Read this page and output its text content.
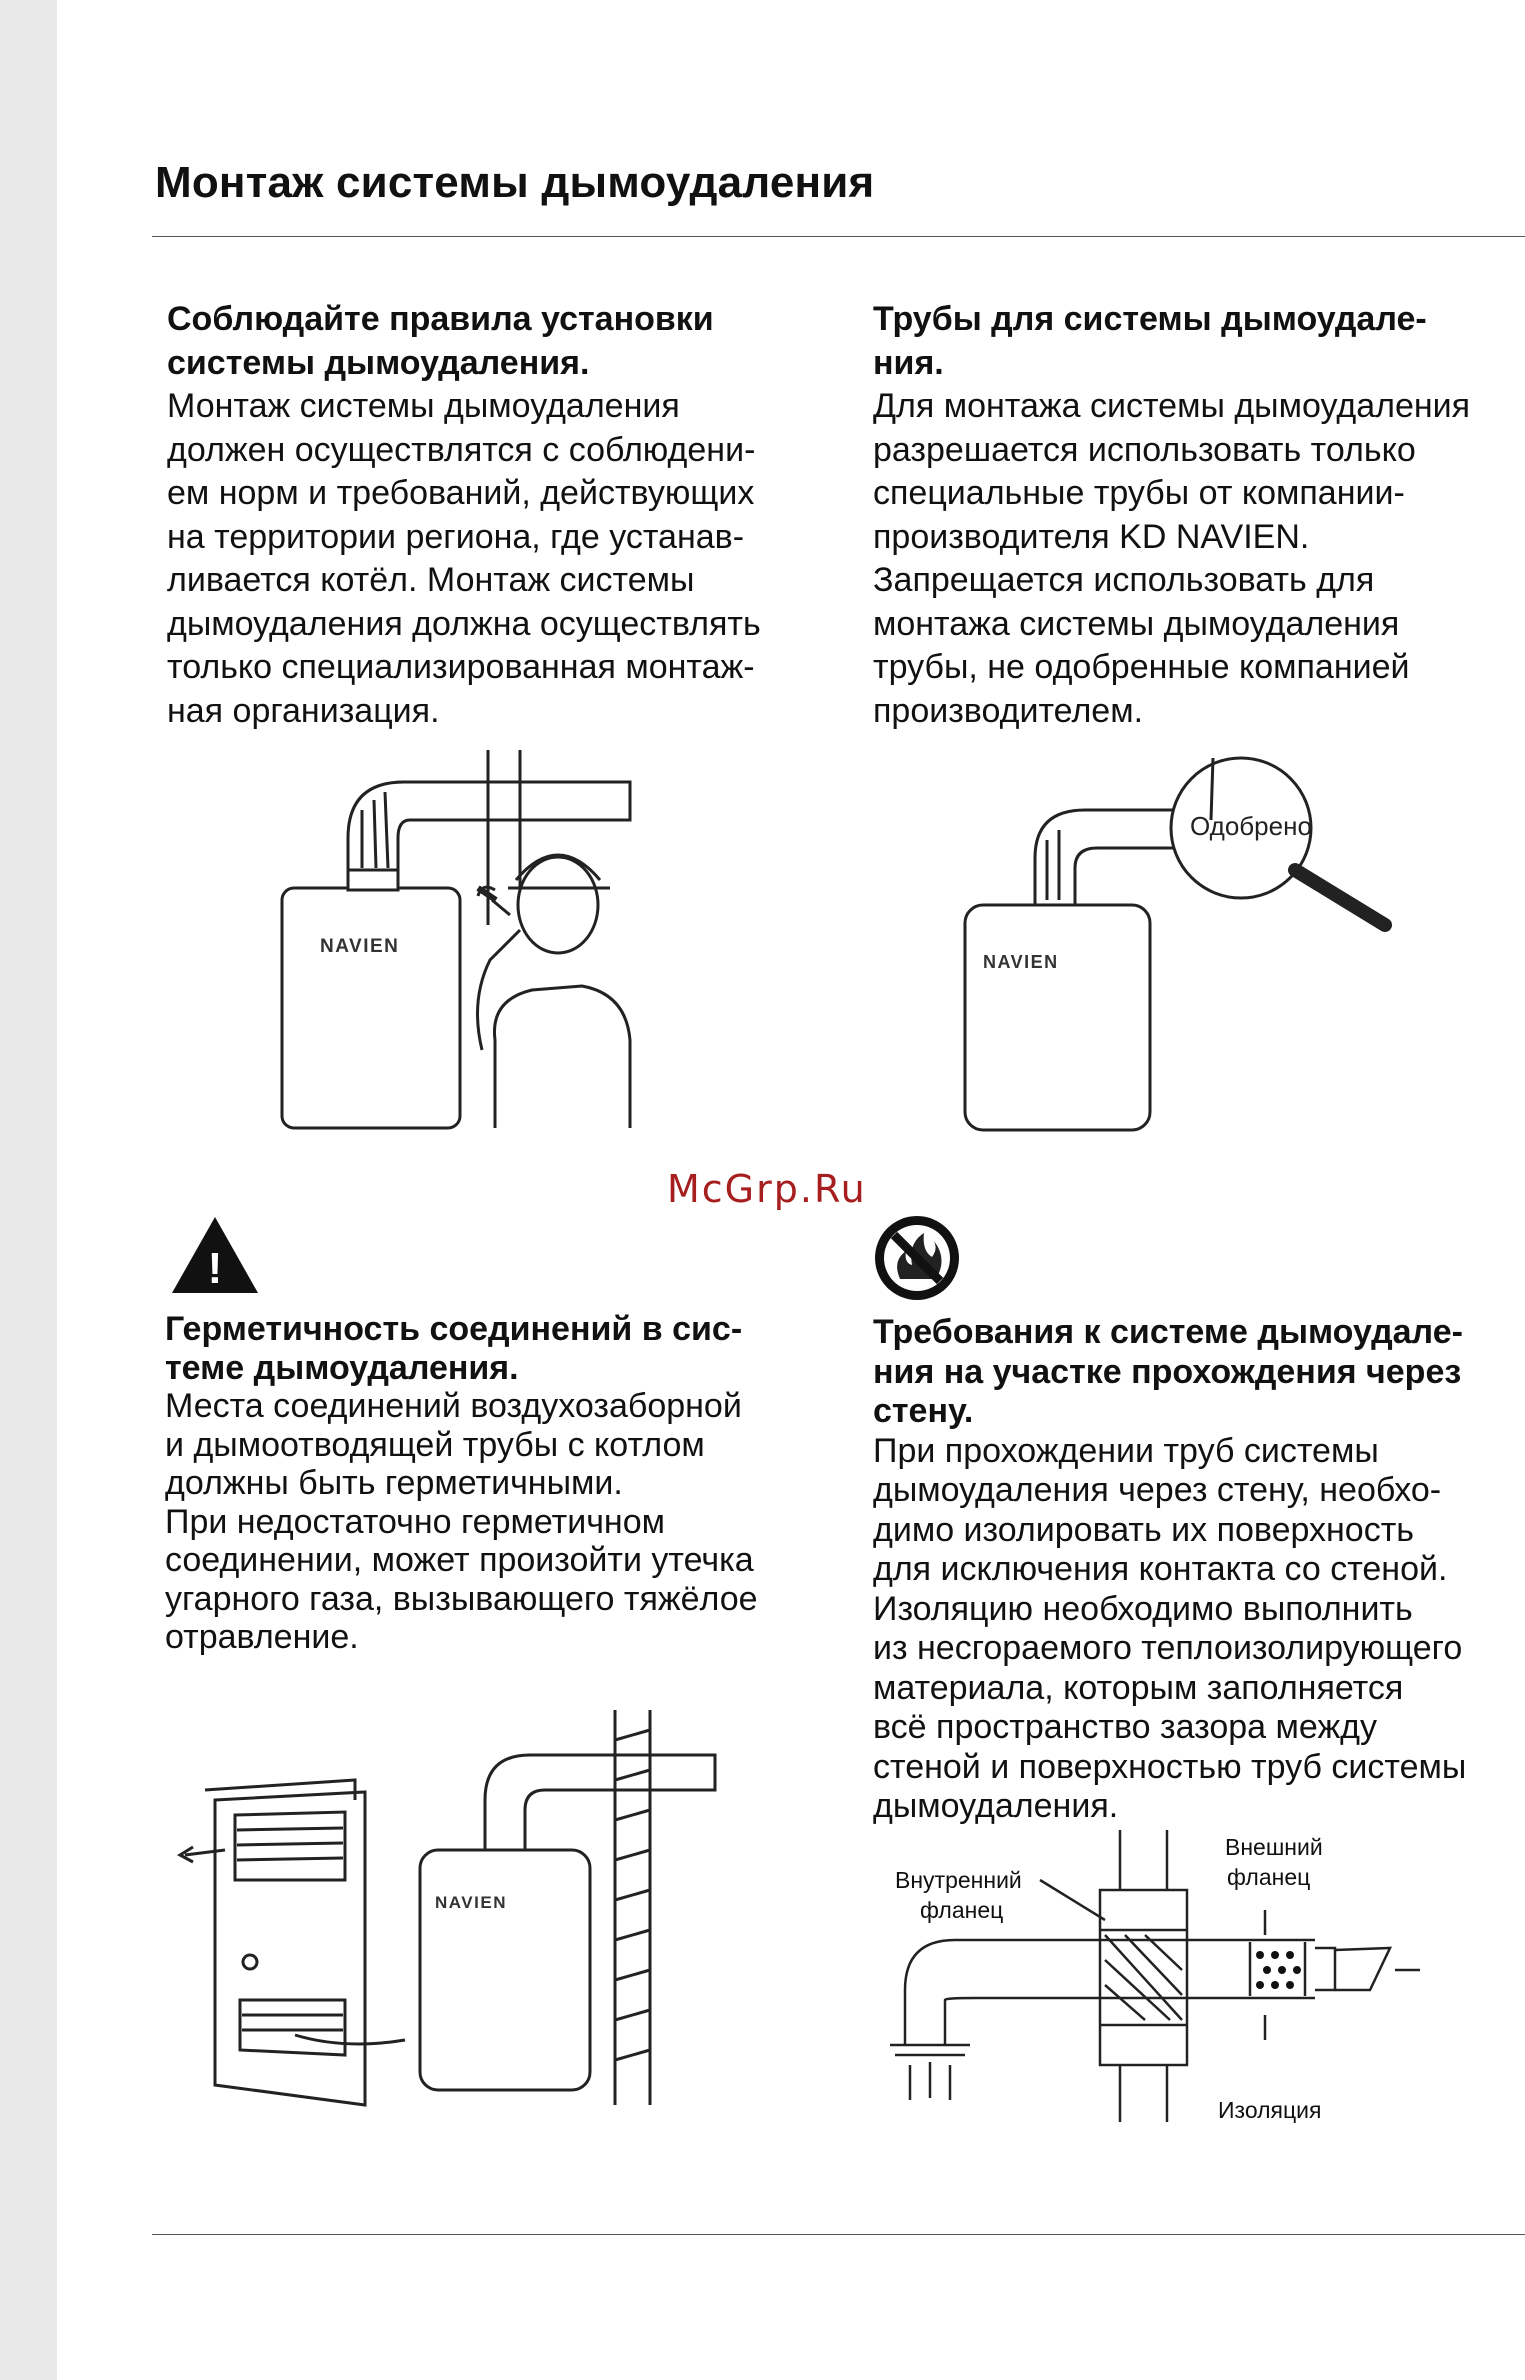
Монтаж системы дымоудаления
Соблюдайте правила установки
системы дымоудаления.
Монтаж системы дымоудаления
должен осуществлятся с соблюдени-
ем норм и требований, действующих
на территории региона, где устанав-
ливается котёл. Монтаж системы
дымоудаления должна осуществлять
только специализированная монтаж-
ная организация.
Трубы для системы дымоудале-
ния.
Для монтажа системы дымоудаления
разрешается использовать только
специальные трубы от компании-
производителя KD NAVIEN.
Запрещается использовать для
монтажа системы дымоудаления
трубы, не одобренные компанией
производителем.
NAVIEN
Одобрено
NAVIEN
McGrp.Ru
!
Герметичность соединений в сис-
теме дымоудаления.
Места соединений воздухозаборной
и дымоотводящей трубы с котлом
должны быть герметичными.
При недостаточно герметичном
соединении, может произойти утечка
угарного газа, вызывающего тяжёлое
отравление.
Требования к системе дымоудале-
ния на участке прохождения через
стену.
При прохождении труб системы
дымоудаления через стену, необхо-
димо изолировать их поверхность
для исключения контакта со стеной.
Изоляцию необходимо выполнить
из несгораемого теплоизолирующего
материала, которым заполняется
всё пространство зазора между
стеной и поверхностью труб системы
дымоудаления.
NAVIEN
Внутренний фланец
Внешний фланец
Изоляция
